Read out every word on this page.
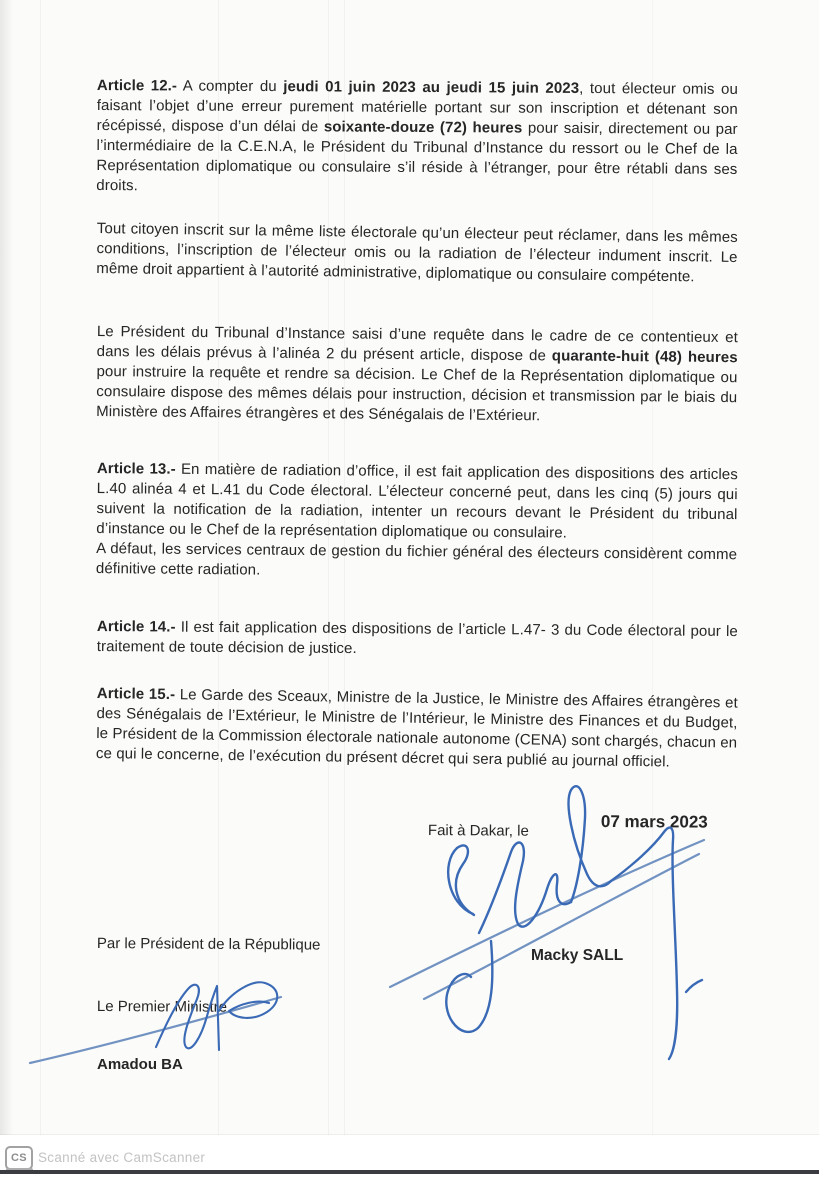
Article 12.- A compter du jeudi 01 juin 2023 au jeudi 15 juin 2023, tout électeur omis ou faisant l’objet d’une erreur purement matérielle portant sur son inscription et détenant son récépissé, dispose d’un délai de soixante-douze (72) heures pour saisir, directement ou par l’intermédiaire de la C.E.N.A, le Président du Tribunal d’Instance du ressort ou le Chef de la Représentation diplomatique ou consulaire s’il réside à l’étranger, pour être rétabli dans ses droits.

Tout citoyen inscrit sur la même liste électorale qu’un électeur peut réclamer, dans les mêmes conditions, l’inscription de l’électeur omis ou la radiation de l’électeur indument inscrit. Le même droit appartient à l’autorité administrative, diplomatique ou consulaire compétente.

Le Président du Tribunal d’Instance saisi d’une requête dans le cadre de ce contentieux et dans les délais prévus à l’alinéa 2 du présent article, dispose de quarante-huit (48) heures pour instruire la requête et rendre sa décision. Le Chef de la Représentation diplomatique ou consulaire dispose des mêmes délais pour instruction, décision et transmission par le biais du Ministère des Affaires étrangères et des Sénégalais de l’Extérieur.

Article 13.- En matière de radiation d’office, il est fait application des dispositions des articles L.40 alinéa 4 et L.41 du Code électoral. L’électeur concerné peut, dans les cinq (5) jours qui suivent la notification de la radiation, intenter un recours devant le Président du tribunal d’instance ou le Chef de la représentation diplomatique ou consulaire.

A défaut, les services centraux de gestion du fichier général des électeurs considèrent comme définitive cette radiation.

Article 14.- Il est fait application des dispositions de l’article L.47- 3 du Code électoral pour le traitement de toute décision de justice.

Article 15.- Le Garde des Sceaux, Ministre de la Justice, le Ministre des Affaires étrangères et des Sénégalais de l’Extérieur, le Ministre de l’Intérieur, le Ministre des Finances et du Budget, le Président de la Commission électorale nationale autonome (CENA) sont chargés, chacun en ce qui le concerne, de l’exécution du présent décret qui sera publié au journal officiel.

Fait à Dakar, le	07 mars 2023
Macky SALL
Par le Président de la République
Le Premier Ministre
Amadou BA
CS Scanné avec CamScanner
